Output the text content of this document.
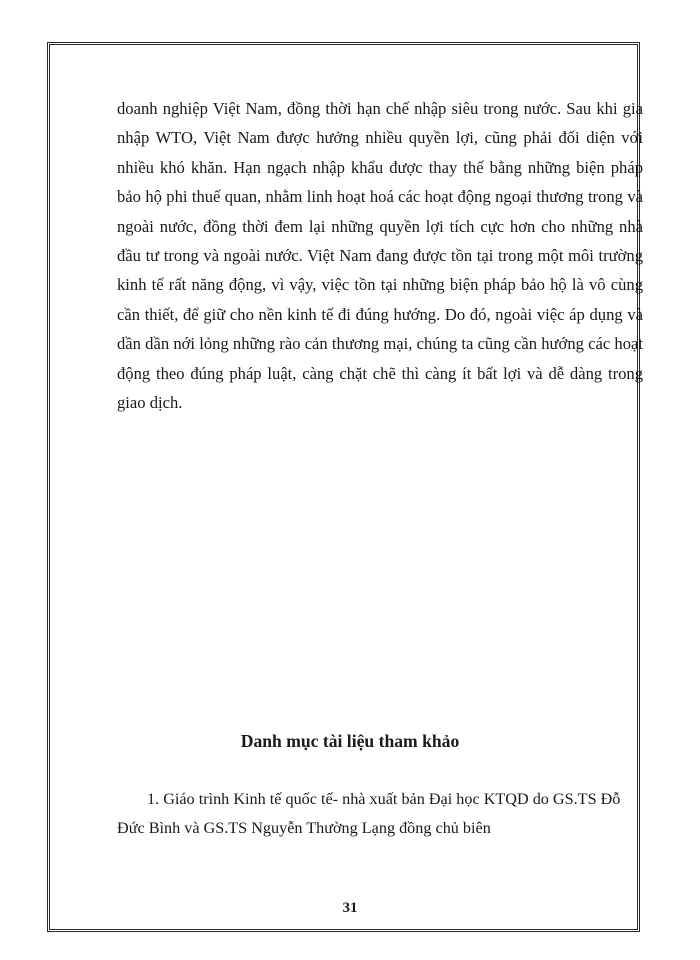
doanh nghiệp Việt Nam, đồng thời hạn chế nhập siêu trong nước. Sau khi gia nhập WTO, Việt Nam được hưởng nhiều quyền lợi, cũng phải đối diện với nhiều khó khăn. Hạn ngạch nhập khẩu được thay thế bằng những biện pháp bảo hộ phi thuế quan, nhằm linh hoạt hoá các hoạt động ngoại thương trong và ngoài nước, đồng thời đem lại những quyền lợi tích cực hơn cho những nhà đầu tư trong và ngoài nước. Việt Nam đang được tồn tại trong một môi trường kinh tế rất năng động, vì vậy, việc tồn tại những biện pháp bảo hộ là vô cùng cần thiết, để giữ cho nền kinh tế đi đúng hướng. Do đó, ngoài việc áp dụng và dần dần nới lỏng những rào cản thương mại, chúng ta cũng cần hướng các hoạt động theo đúng pháp luật, càng chặt chẽ thì càng ít bất lợi và dễ dàng trong giao dịch.

Danh mục tài liệu tham khảo
1. Giáo trình Kinh tế quốc tế- nhà xuất bản Đại học KTQD do GS.TS Đỗ Đức Bình và GS.TS Nguyễn Thường Lạng đồng chủ biên
31
